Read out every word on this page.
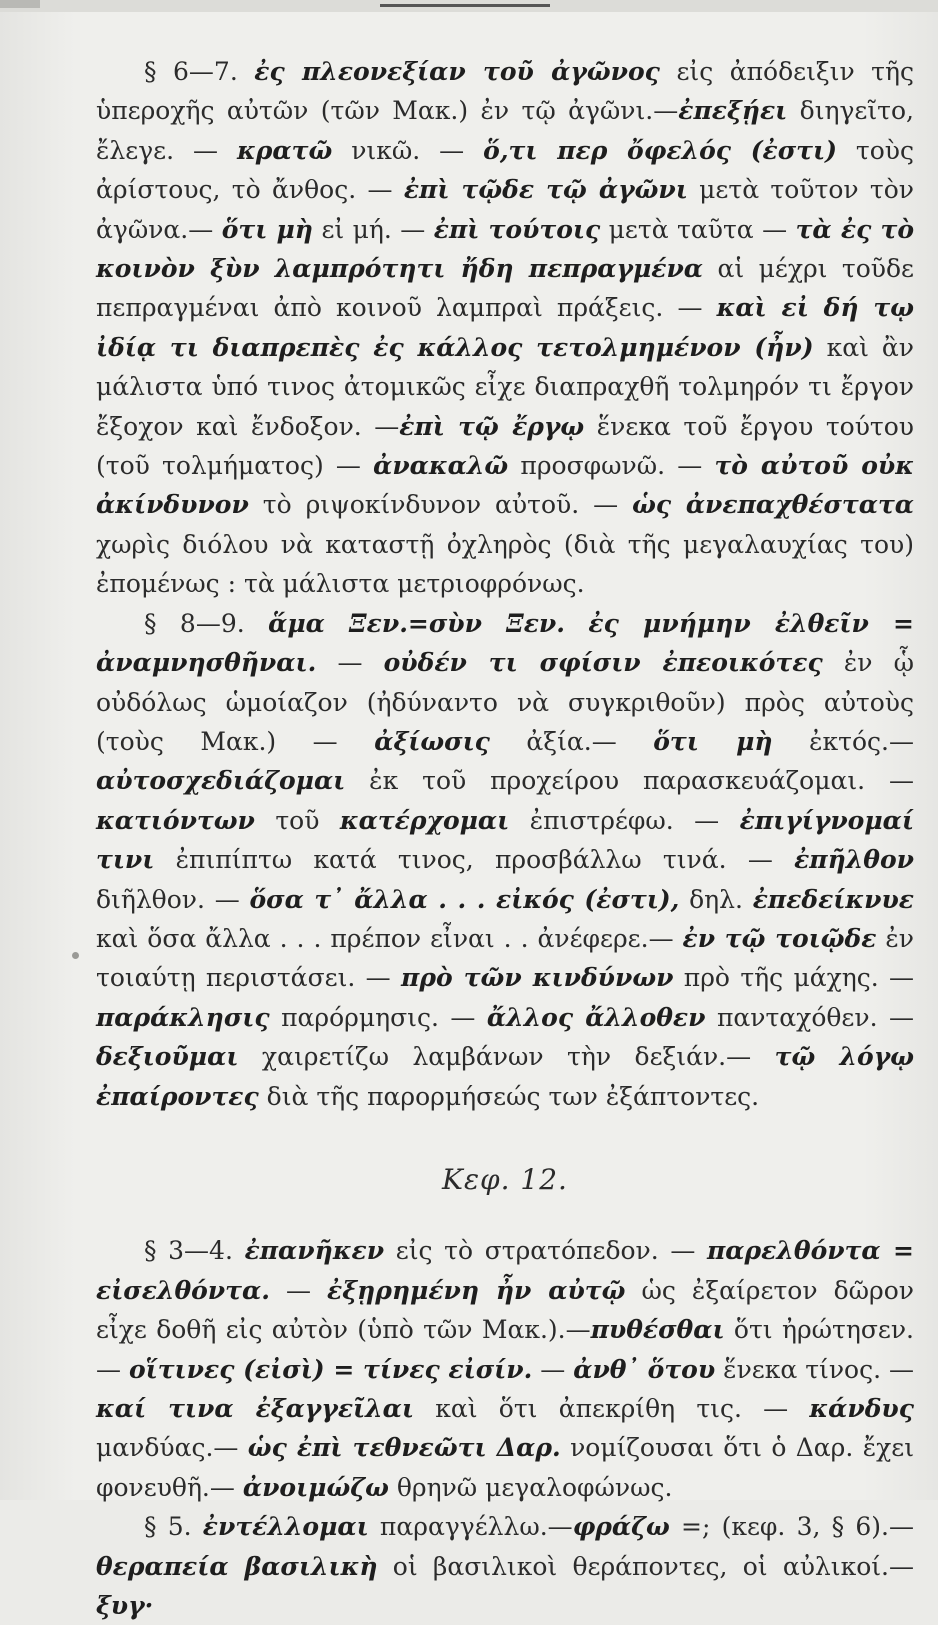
§ 6—7. ἐς πλεονεξίαν τοῦ ἀγῶνος εἰς ἀπόδειξιν τῆς ὑπεροχῆς αὐτῶν (τῶν Μακ.) ἐν τῷ ἀγῶνι.—ἐπεξῄει διηγεῖτο, ἔλεγε. — κρατῶ νικῶ. — ὅ,τι περ ὄφελός (ἐστι) τοὺς ἀρίστους, τὸ ἄνθος. — ἐπὶ τῷδε τῷ ἀγῶνι μετὰ τοῦτον τὸν ἀγῶνα.— ὅτι μὴ εἰ μή. — ἐπὶ τούτοις μετὰ ταῦτα — τὰ ἐς τὸ κοινὸν ξὺν λαμπρότητι ἤδη πεπραγμένα αἱ μέχρι τοῦδε πεπραγμέναι ἀπὸ κοινοῦ λαμπραὶ πράξεις. — καὶ εἰ δή τῳ ἰδίᾳ τι διαπρεπὲς ἐς κάλλος τετολμημένον (ἦν) καὶ ἂν μάλιστα ὑπό τινος ἀτομικῶς εἶχε διαπραχθῆ τολμηρόν τι ἔργον ἔξοχον καὶ ἔνδοξον. —ἐπὶ τῷ ἔργῳ ἕνεκα τοῦ ἔργου τούτου (τοῦ τολμήματος) — ἀνακαλῶ προσφωνῶ. — τὸ αὐτοῦ οὐκ ἀκίνδυνον τὸ ριψοκίνδυνον αὐτοῦ. — ὡς ἀνεπαχθέστατα χωρὶς διόλου νὰ καταστῇ ὀχληρὸς (διὰ τῆς μεγαλαυχίας του) ἐπομένως : τὰ μάλιστα μετριοφρόνως.

§ 8—9. ἅμα Ξεν.=σὺν Ξεν. ἐς μνήμην ἐλθεῖν = ἀναμνησθῆναι. — οὐδέν τι σφίσιν ἐπεοικότες ἐν ᾧ οὐδόλως ὡμοίαζον (ἠδύναντο νὰ συγκριθοῦν) πρὸς αὐτοὺς (τοὺς Μακ.) — ἀξίωσις ἀξία.— ὅτι μὴ ἐκτός.— αὐτοσχεδιάζομαι ἐκ τοῦ προχείρου παρασκευάζομαι. — κατιόντων τοῦ κατέρχομαι ἐπιστρέφω. — ἐπιγίγνομαί τινι ἐπιπίπτω κατά τινος, προσβάλλω τινά. — ἐπῆλθον διῆλθον. — ὅσα τ᾽ ἄλλα . . . εἰκός (ἐστι), δηλ. ἐπεδείκνυε καὶ ὅσα ἄλλα . . . πρέπον εἶναι . . ἀνέφερε.— ἐν τῷ τοιῷδε ἐν τοιαύτῃ περιστάσει. — πρὸ τῶν κινδύνων πρὸ τῆς μάχης. — παράκλησις παρόρμησις. — ἄλλος ἄλλοθεν πανταχόθεν. — δεξιοῦμαι χαιρετίζω λαμβάνων τὴν δεξιάν.— τῷ λόγῳ ἐπαίροντες διὰ τῆς παρορμήσεώς των ἐξάπτοντες.

Κεφ. 12.

§ 3—4. ἐπανῆκεν εἰς τὸ στρατόπεδον. — παρελθόντα = εἰσελθόντα. — ἐξῃρημένη ἦν αὐτῷ ὡς ἐξαίρετον δῶρον εἶχε δοθῆ εἰς αὐτὸν (ὑπὸ τῶν Μακ.).—πυθέσθαι ὅτι ἠρώτησεν.— οἵτινες (εἰσὶ) = τίνες εἰσίν. — ἀνθ᾽ ὅτου ἕνεκα τίνος. — καί τινα ἐξαγγεῖλαι καὶ ὅτι ἀπεκρίθη τις. — κάνδυς μανδύας.— ὡς ἐπὶ τεθνεῶτι Δαρ. νομίζουσαι ὅτι ὁ Δαρ. ἔχει φονευθῆ.— ἀνοιμώζω θρηνῶ μεγαλοφώνως.

§ 5. ἐντέλλομαι παραγγέλλω.—φράζω =; (κεφ. 3, § 6).— θεραπεία βασιλικὴ οἱ βασιλικοὶ θεράποντες, οἱ αὐλικοί.—ξυγ·
